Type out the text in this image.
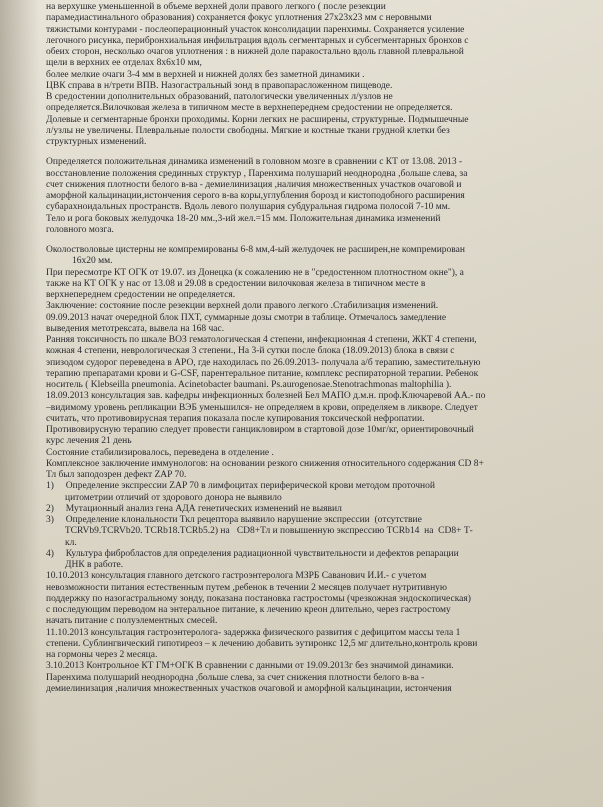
на верхушке уменьшенной в объеме верхней доли правого легкого ( после резекции

парамедиастинального образования) сохраняется фокус уплотнения 27х23х23 мм с неровными

тяжистыми контурами - послеоперационный участок консолидации паренхимы. Сохраняется усиление

легочного рисунка, перибронхиальная инфильтрация вдоль сегментарных и субсегментарных бронхов с

обеих сторон, несколько очагов уплотнения : в нижней доле паракостально вдоль главной плевральной

щели в верхних ее отделах 8х6х10 мм,

более мелкие очаги 3-4 мм в верхней и нижней долях без заметной динамики .

ЦВК справа в н/трети ВПВ. Назогастральный зонд в правопарасложенном пищеводе.

В средостении дополнительных образований, патологически увеличенных л/узлов не

определяется.Вилочковая железа в типичном месте в верхнепереднем средостении не определяется.

Долевые и сегментарные бронхи проходимы. Корни легких не расширены, структурные. Подмышечные

л/узлы не увеличены. Плевральные полости свободны. Мягкие и костные ткани грудной клетки без

структурных изменений.

Определяется положительная динамика изменений в головном мозге в сравнении с КТ от 13.08. 2013 -

восстановление положения срединных структур , Паренхима полушарий неоднородна ,больше слева, за

счет снижения плотности белого в-ва - демиелинизация ,наличия множественных участков очаговой и

аморфной кальцинации,истончения серого в-ва коры,углубления борозд и кистоподобного расширения

субарахноидальных пространств. Вдоль левого полушария субдуральная гидрома полосой 7-10 мм.

Тело и рога боковых желудочка 18-20 мм.,3-ий жел.=15 мм. Положительная динамика изменений

головного мозга.

Околостволовые цистерны не компремированы 6-8 мм,4-ый желудочек не расширен,не компремирован

16х20 мм.

При пересмотре КТ ОГК от 19.07. из Донецка (к сожалению не в "средостенном плотностном окне"), а

также на КТ ОГК у нас от 13.08 и 29.08 в средостении вилочковая железа в типичном месте в

верхнепереднем средостении не определяется.

Заключение: состояние после резекции верхней доли правого легкого .Стабилизация изменений.

09.09.2013 начат очередной блок ПХТ, суммарные дозы смотри в таблице. Отмечалось замедление

выведения метотрексата, вывела на 168 час.

Ранняя токсичность по шкале ВОЗ гематологическая 4 степени, инфекционная 4 степени, ЖКТ 4 степени,

кожная 4 степени, неврологическая 3 степени., На 3-й сутки после блока (18.09.2013) блока в связи с

эпизодом судорог переведена в АРО, где находилась по 26.09.2013- получала а/б терапию, заместительную

терапию препаратами крови и G-CSF, парентеральное питание, комплекс респираторной терапии. Ребенок

носитель ( Klebseilla pneumonia. Acinetobacter baumani. Ps.aurogenosae.Stenotrachmonas maltophilia ).

18.09.2013 консультация зав. кафедры инфекционных болезней Бел МАПО д.м.н. проф.Ключаревой АА.- по

–видимому уровень репликации ВЭБ уменьшился- не определяем в крови, определяем в ликворе. Следует

считать, что противовирусная терапия показала после купирования токсической нефропатии.

Противовирусную терапию следует провести ганцикловиром в стартовой дозе 10мг/кг, ориентировочный

курс лечения 21 день

Состояние стабилизировалось, переведена в отделение .

Комплексное заключение иммунологов: на основании резкого снижения относительного содержания CD 8+

Тл был заподозрен дефект ZAP 70.

1)     Определение экспрессии ZAP 70 в лимфоцитах периферической крови методом проточной

цитометрии отличий от здорового донора не выявило

2)     Мутационный анализ гена АДА генетических изменений не выявил

3)     Определение клональности Ткл рецептора выявило нарушение экспрессии  (отсутствие

TCRVb9.TCRVb20. TCRb18.TCRb5.2) на   CD8+Тл и повышенную экспрессию TCRb14  на  CD8+ Т-

кл.

4)     Культура фибробластов для определения радиационной чувствительности и дефектов репарации

ДНК в работе.

10.10.2013 консультация главного детского гастроэнтеролога МЗРБ Саванович И.И.- с учетом

невозможности питания естественным путем ,ребенок в течении 2 месяцев получает нутритивную

поддержку по назогастральному зонду, показана постановка гастростомы (чрезкожная эндоскопическая)

с последующим переводом на энтеральное питание, к лечению креон длительно, через гастростому

начать питание с полуэлементных смесей.

11.10.2013 консультация гастроэнтеролога- задержка физического развития с дефицитом массы тела 1

степени. Сублингвический гипотиреоз – к лечению добавить эутиронкс 12,5 мг длительно,контроль крови

на гормоны через 2 месяца.

3.10.2013 Контрольное КТ ГМ+ОГК В сравнении с данными от 19.09.2013г без значимой динамики.

Паренхима полушарий неоднородна ,больше слева, за счет снижения плотности белого в-ва -

демиелинизация ,наличия множественных участков очаговой и аморфной кальцинации, истончения
